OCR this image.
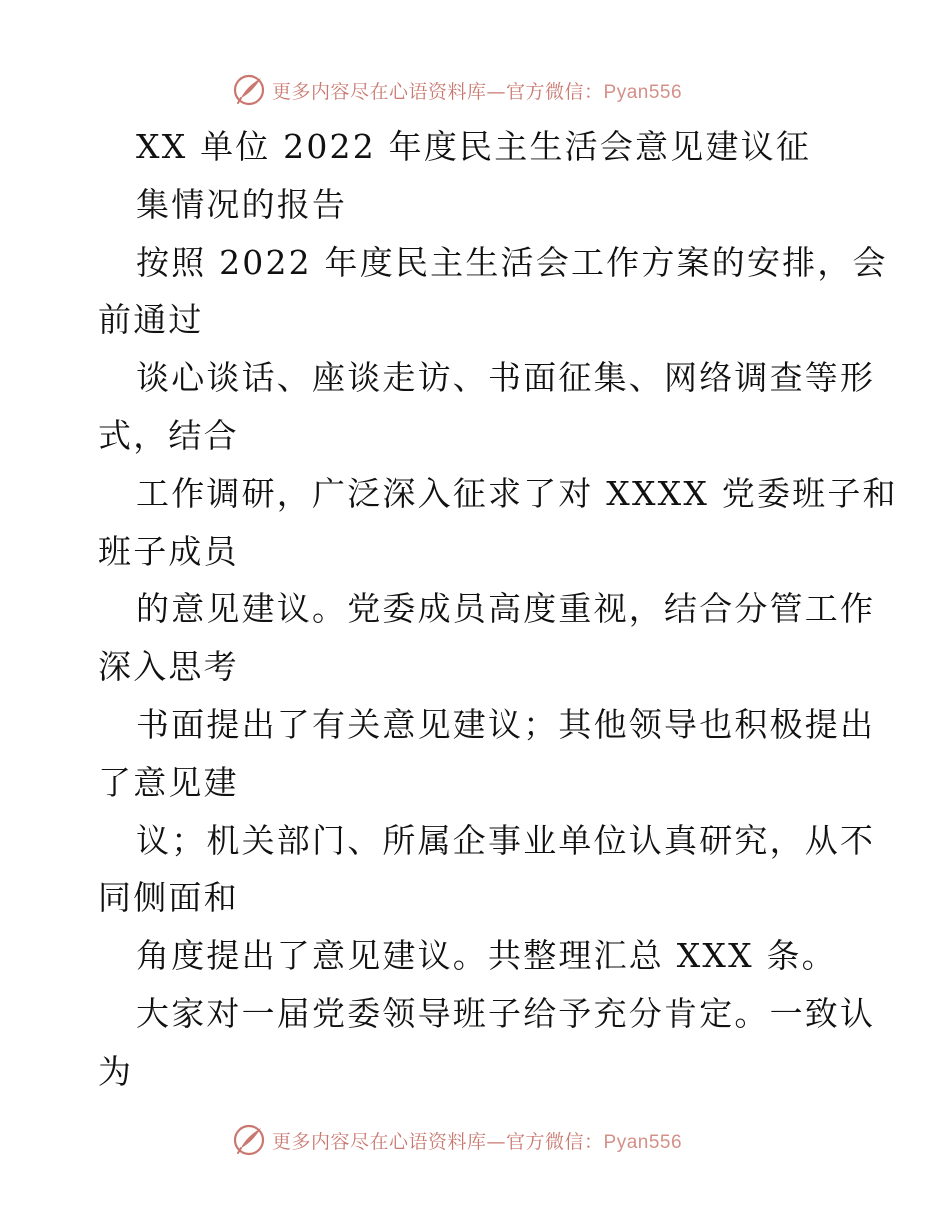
更多内容尽在心语资料库—官方微信：Pyan556
XX 单位 2022 年度民主生活会意见建议征
集情况的报告
按照 2022 年度民主生活会工作方案的安排，会
前通过
谈心谈话、座谈走访、书面征集、网络调查等形
式，结合
工作调研，广泛深入征求了对 XXXX 党委班子和
班子成员
的意见建议。党委成员高度重视，结合分管工作
深入思考
书面提出了有关意见建议；其他领导也积极提出
了意见建
议；机关部门、所属企事业单位认真研究，从不
同侧面和
角度提出了意见建议。共整理汇总 XXX 条。
大家对一届党委领导班子给予充分肯定。一致认
为
更多内容尽在心语资料库—官方微信：Pyan556
